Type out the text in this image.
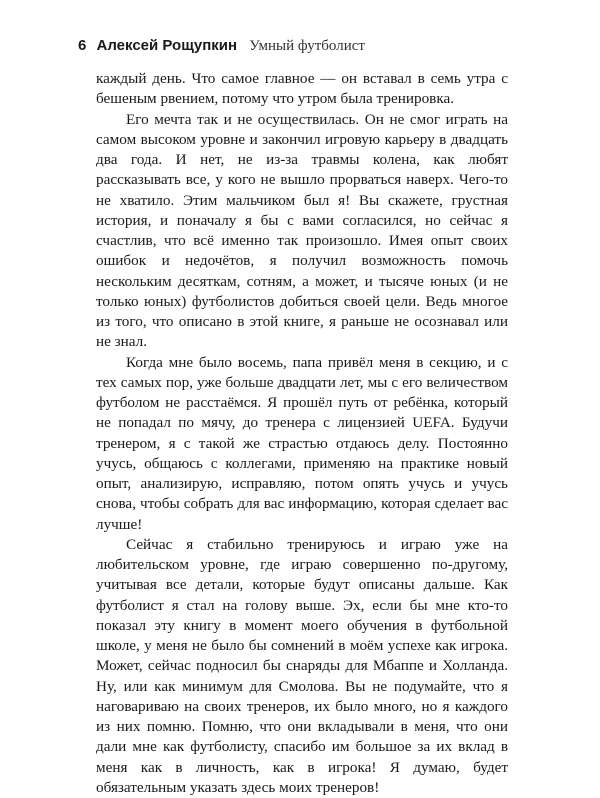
6 Алексей Рощупкин Умный футболист

каждый день. Что самое главное — он вставал в семь утра с бешеным рвением, потому что утром была тренировка.

Его мечта так и не осуществилась. Он не смог играть на самом высоком уровне и закончил игровую карьеру в двадцать два года. И нет, не из-за травмы колена, как любят рассказывать все, у кого не вышло прорваться наверх. Чего-то не хватило. Этим мальчиком был я! Вы скажете, грустная история, и поначалу я бы с вами согласился, но сейчас я счастлив, что всё именно так произошло. Имея опыт своих ошибок и недочётов, я получил возможность помочь нескольким десяткам, сотням, а может, и тысяче юных (и не только юных) футболистов добиться своей цели. Ведь многое из того, что описано в этой книге, я раньше не осознавал или не знал.

Когда мне было восемь, папа привёл меня в секцию, и с тех самых пор, уже больше двадцати лет, мы с его величеством футболом не расстаёмся. Я прошёл путь от ребёнка, который не попадал по мячу, до тренера с лицензией UEFA. Будучи тренером, я с такой же страстью отдаюсь делу. Постоянно учусь, общаюсь с коллегами, применяю на практике новый опыт, анализирую, исправляю, потом опять учусь и учусь снова, чтобы собрать для вас информацию, которая сделает вас лучше!

Сейчас я стабильно тренируюсь и играю уже на любительском уровне, где играю совершенно по-другому, учитывая все детали, которые будут описаны дальше. Как футболист я стал на голову выше. Эх, если бы мне кто-то показал эту книгу в момент моего обучения в футбольной школе, у меня не было бы сомнений в моём успехе как игрока. Может, сейчас подносил бы снаряды для Мбаппе и Холланда. Ну, или как минимум для Смолова. Вы не подумайте, что я наговариваю на своих тренеров, их было много, но я каждого из них помню. Помню, что они вкладывали в меня, что они дали мне как футболисту, спасибо им большое за их вклад в меня как в личность, как в игрока! Я думаю, будет обязательным указать здесь моих тренеров!
